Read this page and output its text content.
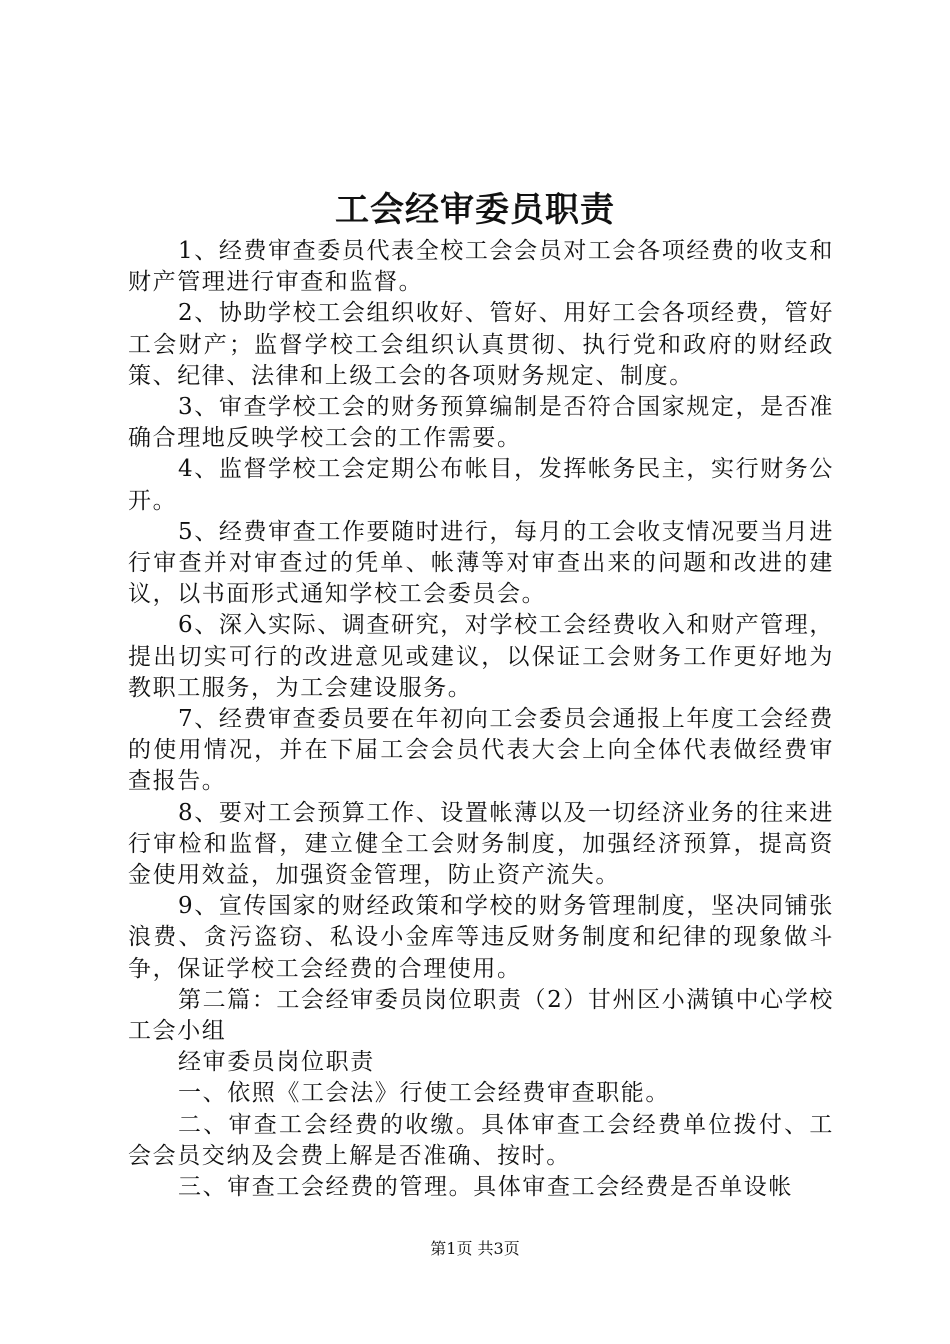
工会经审委员职责

1、经费审查委员代表全校工会会员对工会各项经费的收支和财产管理进行审查和监督。

2、协助学校工会组织收好、管好、用好工会各项经费，管好工会财产；监督学校工会组织认真贯彻、执行党和政府的财经政策、纪律、法律和上级工会的各项财务规定、制度。

3、审查学校工会的财务预算编制是否符合国家规定，是否准确合理地反映学校工会的工作需要。

4、监督学校工会定期公布帐目，发挥帐务民主，实行财务公开。

5、经费审查工作要随时进行，每月的工会收支情况要当月进行审查并对审查过的凭单、帐薄等对审查出来的问题和改进的建议，以书面形式通知学校工会委员会。

6、深入实际、调查研究，对学校工会经费收入和财产管理，提出切实可行的改进意见或建议，以保证工会财务工作更好地为教职工服务，为工会建设服务。

7、经费审查委员要在年初向工会委员会通报上年度工会经费的使用情况，并在下届工会会员代表大会上向全体代表做经费审查报告。

8、要对工会预算工作、设置帐薄以及一切经济业务的往来进行审检和监督，建立健全工会财务制度，加强经济预算，提高资金使用效益，加强资金管理，防止资产流失。

9、宣传国家的财经政策和学校的财务管理制度，坚决同铺张浪费、贪污盗窃、私设小金库等违反财务制度和纪律的现象做斗争，保证学校工会经费的合理使用。

第二篇：工会经审委员岗位职责（2）甘州区小满镇中心学校工会小组

经审委员岗位职责

一、依照《工会法》行使工会经费审查职能。

二、审查工会经费的收缴。具体审查工会经费单位拨付、工会会员交纳及会费上解是否准确、按时。

三、审查工会经费的管理。具体审查工会经费是否单设帐

第1页 共3页
